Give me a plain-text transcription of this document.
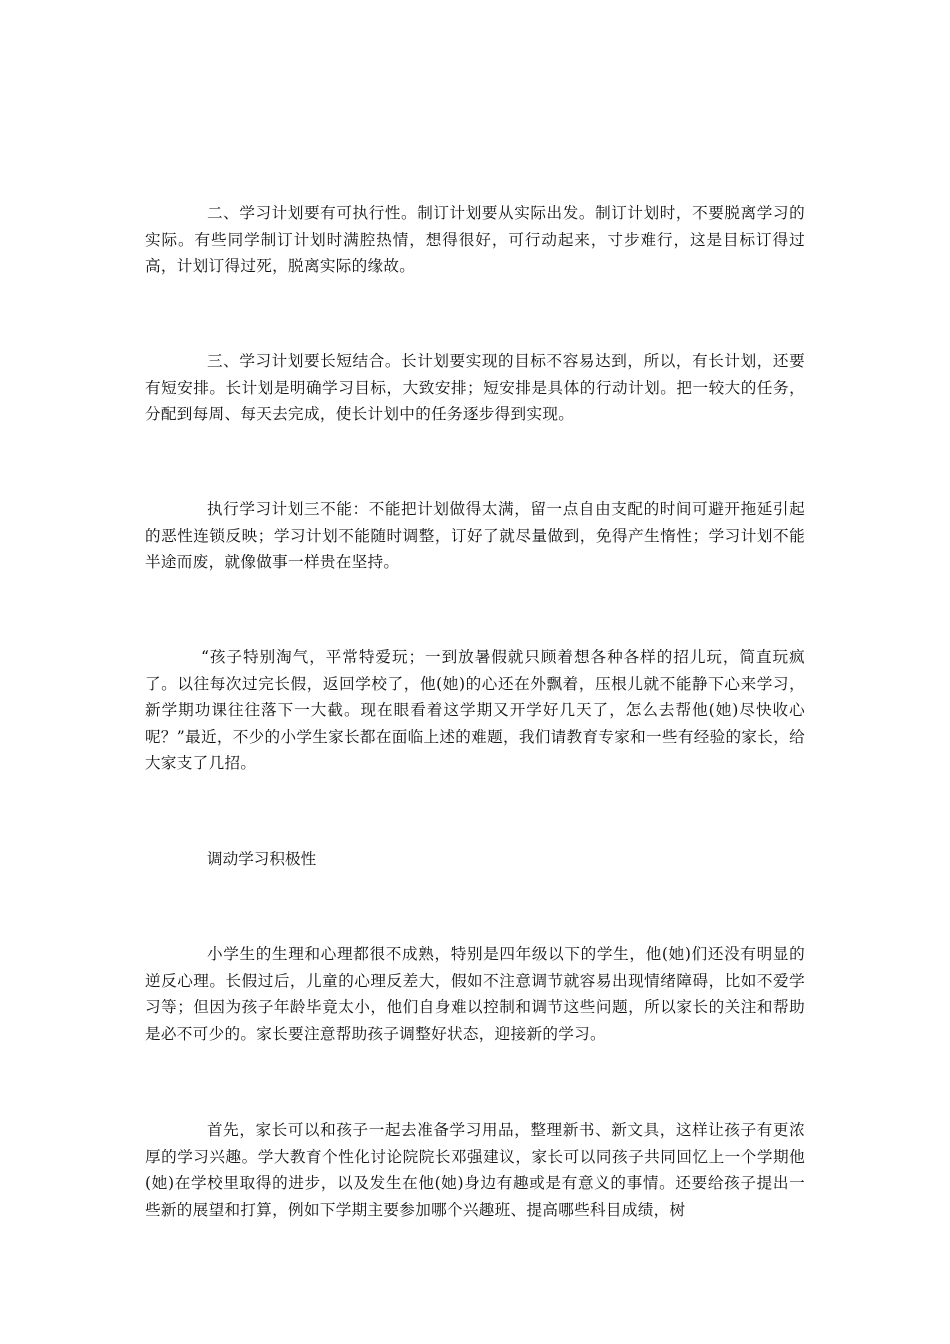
二、学习计划要有可执行性。制订计划要从实际出发。制订计划时，不要脱离学习的实际。有些同学制订计划时满腔热情，想得很好，可行动起来，寸步难行，这是目标订得过高，计划订得过死，脱离实际的缘故。

三、学习计划要长短结合。长计划要实现的目标不容易达到，所以，有长计划，还要有短安排。长计划是明确学习目标，大致安排；短安排是具体的行动计划。把一较大的任务，分配到每周、每天去完成，使长计划中的任务逐步得到实现。

执行学习计划三不能：不能把计划做得太满，留一点自由支配的时间可避开拖延引起的恶性连锁反映；学习计划不能随时调整，订好了就尽量做到，免得产生惰性；学习计划不能半途而废，就像做事一样贵在坚持。

“孩子特别淘气，平常特爱玩；一到放暑假就只顾着想各种各样的招儿玩，简直玩疯了。以往每次过完长假，返回学校了，他(她)的心还在外飘着，压根儿就不能静下心来学习，新学期功课往往落下一大截。现在眼看着这学期又开学好几天了，怎么去帮他(她)尽快收心呢？”最近，不少的小学生家长都在面临上述的难题，我们请教育专家和一些有经验的家长，给大家支了几招。

调动学习积极性

小学生的生理和心理都很不成熟，特别是四年级以下的学生，他(她)们还没有明显的逆反心理。长假过后，儿童的心理反差大，假如不注意调节就容易出现情绪障碍，比如不爱学习等；但因为孩子年龄毕竟太小，他们自身难以控制和调节这些问题，所以家长的关注和帮助是必不可少的。家长要注意帮助孩子调整好状态，迎接新的学习。

首先，家长可以和孩子一起去准备学习用品，整理新书、新文具，这样让孩子有更浓厚的学习兴趣。学大教育个性化讨论院院长邓强建议，家长可以同孩子共同回忆上一个学期他(她)在学校里取得的进步，以及发生在他(她)身边有趣或是有意义的事情。还要给孩子提出一些新的展望和打算，例如下学期主要参加哪个兴趣班、提高哪些科目成绩，树
